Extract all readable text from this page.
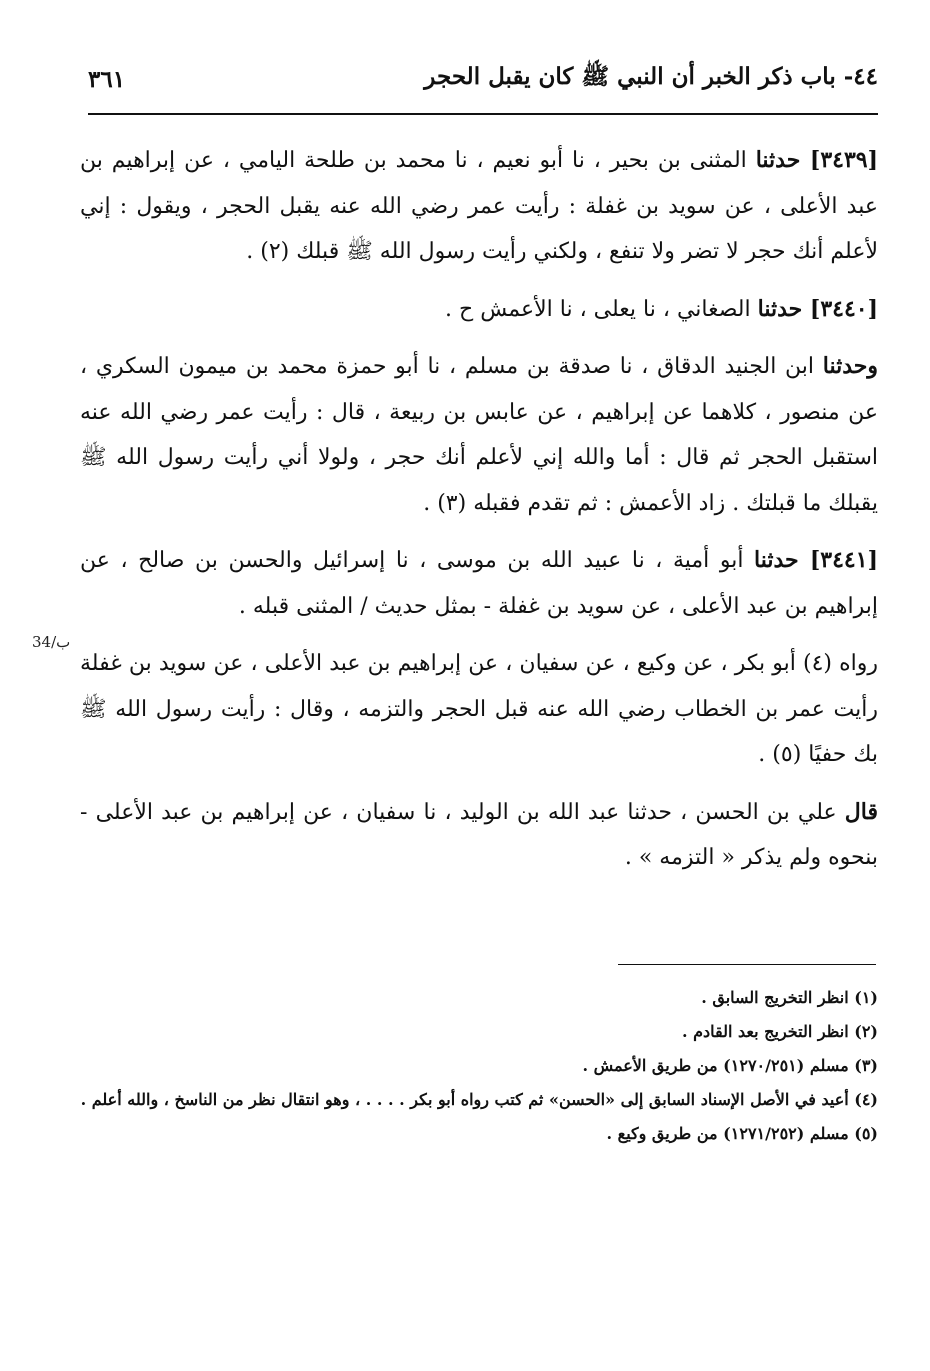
٤٤- باب ذكر الخبر أن النبي ﷺ كان يقبل الحجر
٣٦١

[٣٤٣٩] حدثنا المثنى بن بحير ، نا أبو نعيم ، نا محمد بن طلحة اليامي ، عن إبراهيم بن عبد الأعلى ، عن سويد بن غفلة : رأيت عمر رضي الله عنه يقبل الحجر ، ويقول : إني لأعلم أنك حجر لا تضر ولا تنفع ، ولكني رأيت رسول الله ﷺ قبلك (٢) .

[٣٤٤٠] حدثنا الصغاني ، نا يعلى ، نا الأعمش ح .

وحدثنا ابن الجنيد الدقاق ، نا صدقة بن مسلم ، نا أبو حمزة محمد بن ميمون السكري ، عن منصور ، كلاهما عن إبراهيم ، عن عابس بن ربيعة ، قال : رأيت عمر رضي الله عنه استقبل الحجر ثم قال : أما والله إني لأعلم أنك حجر ، ولولا أني رأيت رسول الله ﷺ يقبلك ما قبلتك . زاد الأعمش : ثم تقدم فقبله (٣) .

[٣٤٤١] حدثنا أبو أمية ، نا عبيد الله بن موسى ، نا إسرائيل والحسن بن صالح ، عن إبراهيم بن عبد الأعلى ، عن سويد بن غفلة - بمثل حديث / المثنى قبله .

رواه (٤) أبو بكر ، عن وكيع ، عن سفيان ، عن إبراهيم بن عبد الأعلى ، عن سويد بن غفلة رأيت عمر بن الخطاب رضي الله عنه قبل الحجر والتزمه ، وقال : رأيت رسول الله ﷺ بك حفيًا (٥) .

قال علي بن الحسن ، حدثنا عبد الله بن الوليد ، نا سفيان ، عن إبراهيم بن عبد الأعلى - بنحوه ولم يذكر « التزمه » .

34/ب

(١) انظر التخريج السابق .

(٢) انظر التخريج بعد القادم .

(٣) مسلم (١٢٧٠/٢٥١) من طريق الأعمش .

(٤) أعيد في الأصل الإسناد السابق إلى «الحسن» ثم كتب رواه أبو بكر . . . . ، وهو انتقال نظر من الناسخ ، والله أعلم .

(٥) مسلم (١٢٧١/٢٥٢) من طريق وكيع .
